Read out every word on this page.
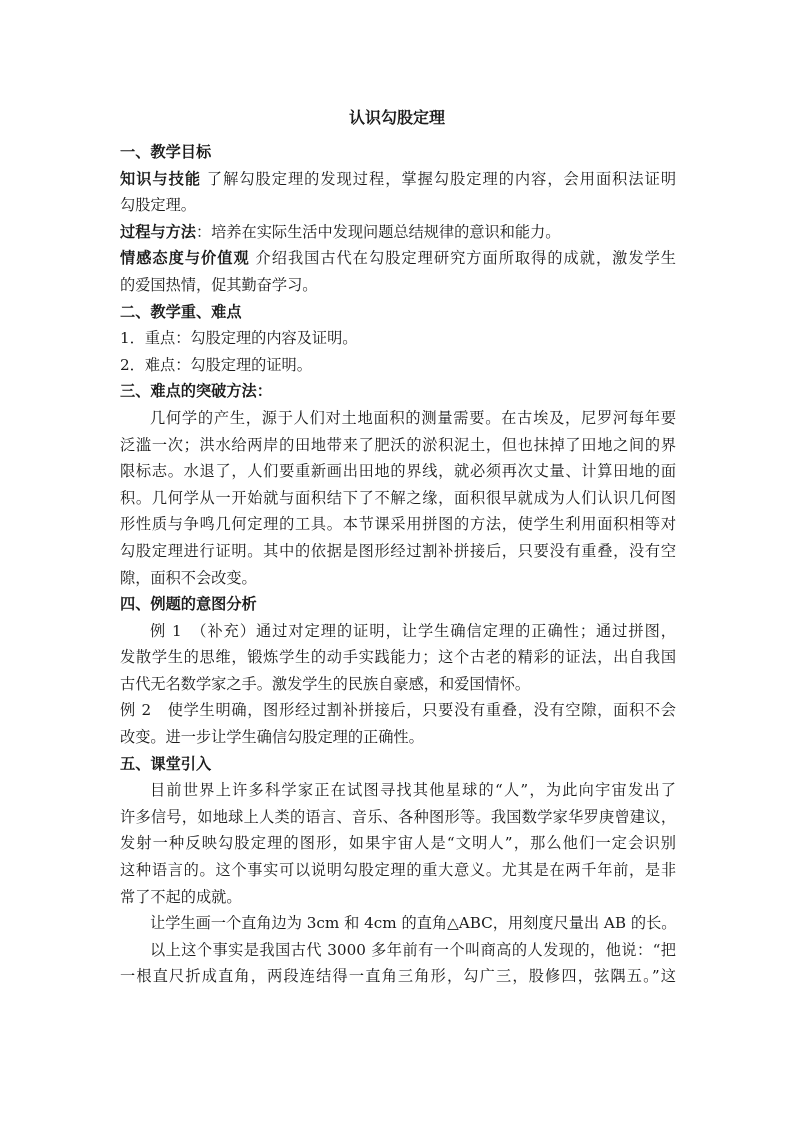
认识勾股定理
一、教学目标
知识与技能 了解勾股定理的发现过程，掌握勾股定理的内容，会用面积法证明
勾股定理。
过程与方法：培养在实际生活中发现问题总结规律的意识和能力。
情感态度与价值观 介绍我国古代在勾股定理研究方面所取得的成就，激发学生
的爱国热情，促其勤奋学习。
二、教学重、难点
1．重点：勾股定理的内容及证明。
2．难点：勾股定理的证明。
三、难点的突破方法：
几何学的产生，源于人们对土地面积的测量需要。在古埃及，尼罗河每年要
泛滥一次；洪水给两岸的田地带来了肥沃的淤积泥土，但也抹掉了田地之间的界
限标志。水退了，人们要重新画出田地的界线，就必须再次丈量、计算田地的面
积。几何学从一开始就与面积结下了不解之缘，面积很早就成为人们认识几何图
形性质与争鸣几何定理的工具。本节课采用拼图的方法，使学生利用面积相等对
勾股定理进行证明。其中的依据是图形经过割补拼接后，只要没有重叠，没有空
隙，面积不会改变。
四、例题的意图分析
例 1　（补充）通过对定理的证明，让学生确信定理的正确性；通过拼图，
发散学生的思维，锻炼学生的动手实践能力；这个古老的精彩的证法，出自我国
古代无名数学家之手。激发学生的民族自豪感，和爱国情怀。
例 2　使学生明确，图形经过割补拼接后，只要没有重叠，没有空隙，面积不会
改变。进一步让学生确信勾股定理的正确性。
五、课堂引入
目前世界上许多科学家正在试图寻找其他星球的“人”，为此向宇宙发出了
许多信号，如地球上人类的语言、音乐、各种图形等。我国数学家华罗庚曾建议，
发射一种反映勾股定理的图形，如果宇宙人是“文明人”，那么他们一定会识别
这种语言的。这个事实可以说明勾股定理的重大意义。尤其是在两千年前，是非
常了不起的成就。
让学生画一个直角边为 3cm 和 4cm 的直角△ABC，用刻度尺量出 AB 的长。
以上这个事实是我国古代 3000 多年前有一个叫商高的人发现的，他说：“把
一根直尺折成直角，两段连结得一直角三角形，勾广三，股修四，弦隅五。”这
